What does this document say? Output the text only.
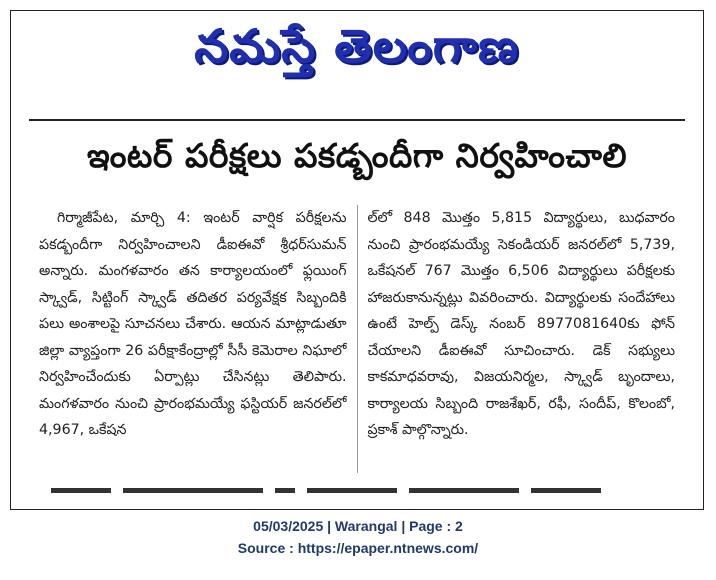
నమస్తే తెలంగాణ
ఇంటర్ పరీక్షలు పకడ్బందీగా నిర్వహించాలి
గిర్మాజీపేట, మార్చి 4: ఇంటర్ వార్షిక పరీక్షలను పకడ్బందీగా నిర్వహించాలని డీఐఈవో శ్రీధర్‌సుమన్ అన్నారు. మంగళవారం తన కార్యాలయంలో ఫ్లయింగ్ స్క్వాడ్, సిట్టింగ్ స్క్వాడ్ తదితర పర్యవేక్షక సిబ్బందికి పలు అంశాలపై సూచనలు చేశారు. ఆయన మాట్లాడుతూ జిల్లా వ్యాప్తంగా 26 పరీక్షాకేంద్రాల్లో సీసీ కెమెరాల నిఘాలో నిర్వహించేందుకు ఏర్పాట్లు చేసినట్లు తెలిపారు. మంగళవారం నుంచి ప్రారంభమయ్యే ఫస్టియర్ జనరల్‌లో 4,967, ఒకేషన
ల్‌లో 848 మొత్తం 5,815 విద్యార్థులు, బుధవారం నుంచి ప్రారంభమయ్యే సెకండియర్ జనరల్‌లో 5,739, ఒకేషనల్ 767 మొత్తం 6,506 విద్యార్థులు పరీక్షలకు హాజరుకానున్నట్లు వివరించారు. విద్యార్థులకు సందేహాలు ఉంటే హెల్ప్ డెస్క్ నంబర్ 8977081640కు ఫోన్ చేయాలని డీఐఈవో సూచించారు. డెక్ సభ్యులు కాకమాధవరావు, విజయనిర్మల, స్క్వాడ్ బృందాలు, కార్యాలయ సిబ్బంది రాజశేఖర్, రఫీ, సందీప్, కొలంబో, ప్రకాశ్ పాల్గొన్నారు.
05/03/2025 | Warangal | Page : 2
Source : https://epaper.ntnews.com/
